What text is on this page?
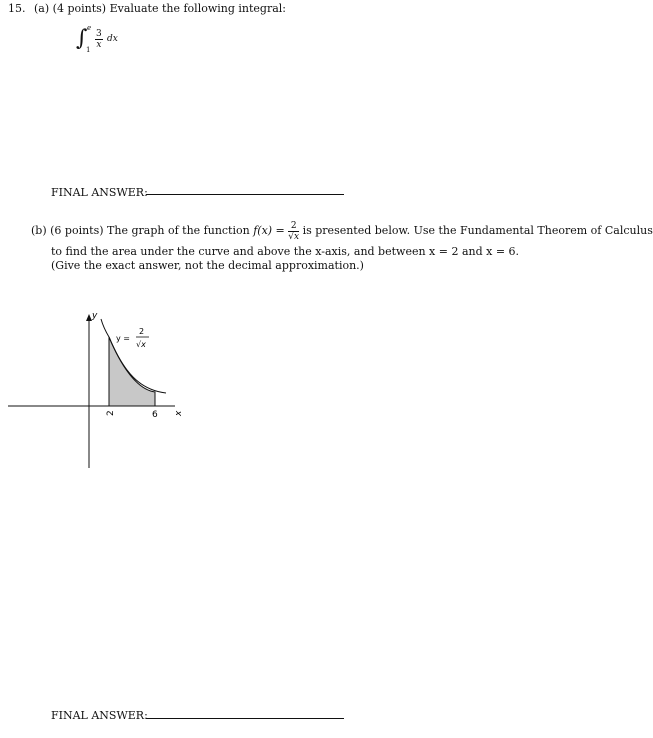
15. (a) (4 points) Evaluate the following integral:
∫ e
$1 \frac{3}{x}$ dx
FINAL ANSWER:
(b) (6 points) The graph of the function $f(x) = \frac{2}{√x}$ is presented below. Use the Fundamental Theorem of Calculus
to find the area under the curve and above the x-axis, and between x = 2 and x = 6.
(Give the exact answer, not the decimal approximation.)
y
x
2	6
y =
2
√x
FINAL ANSWER:
